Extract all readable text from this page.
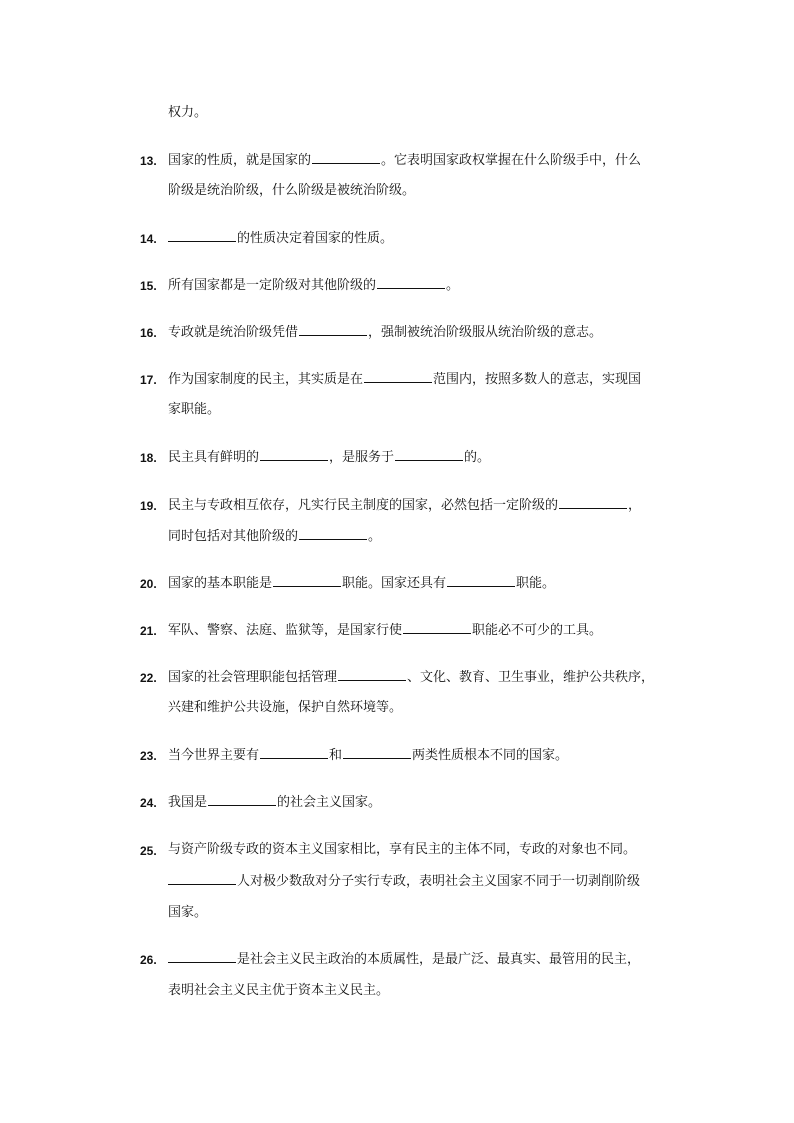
权力。
13. 国家的性质，就是国家的	。它表明国家政权掌握在什么阶级手中，什么
阶级是统治阶级，什么阶级是被统治阶级。
14.	的性质决定着国家的性质。
15. 所有国家都是一定阶级对其他阶级的	。
16. 专政就是统治阶级凭借	，强制被统治阶级服从统治阶级的意志。
17. 作为国家制度的民主，其实质是在	范围内，按照多数人的意志，实现国
家职能。
18. 民主具有鲜明的	，是服务于	的。
19. 民主与专政相互依存，凡实行民主制度的国家，必然包括一定阶级的	，
同时包括对其他阶级的	。
20. 国家的基本职能是	职能。国家还具有	职能。
21. 军队、警察、法庭、监狱等，是国家行使	职能必不可少的工具。
22. 国家的社会管理职能包括管理	、文化、教育、卫生事业，维护公共秩序，
兴建和维护公共设施，保护自然环境等。
23. 当今世界主要有	和	两类性质根本不同的国家。
24. 我国是	的社会主义国家。
25. 与资产阶级专政的资本主义国家相比，享有民主的主体不同，专政的对象也不同。
人对极少数敌对分子实行专政，表明社会主义国家不同于一切剥削阶级
国家。
26.	是社会主义民主政治的本质属性，是最广泛、最真实、最管用的民主，
表明社会主义民主优于资本主义民主。
